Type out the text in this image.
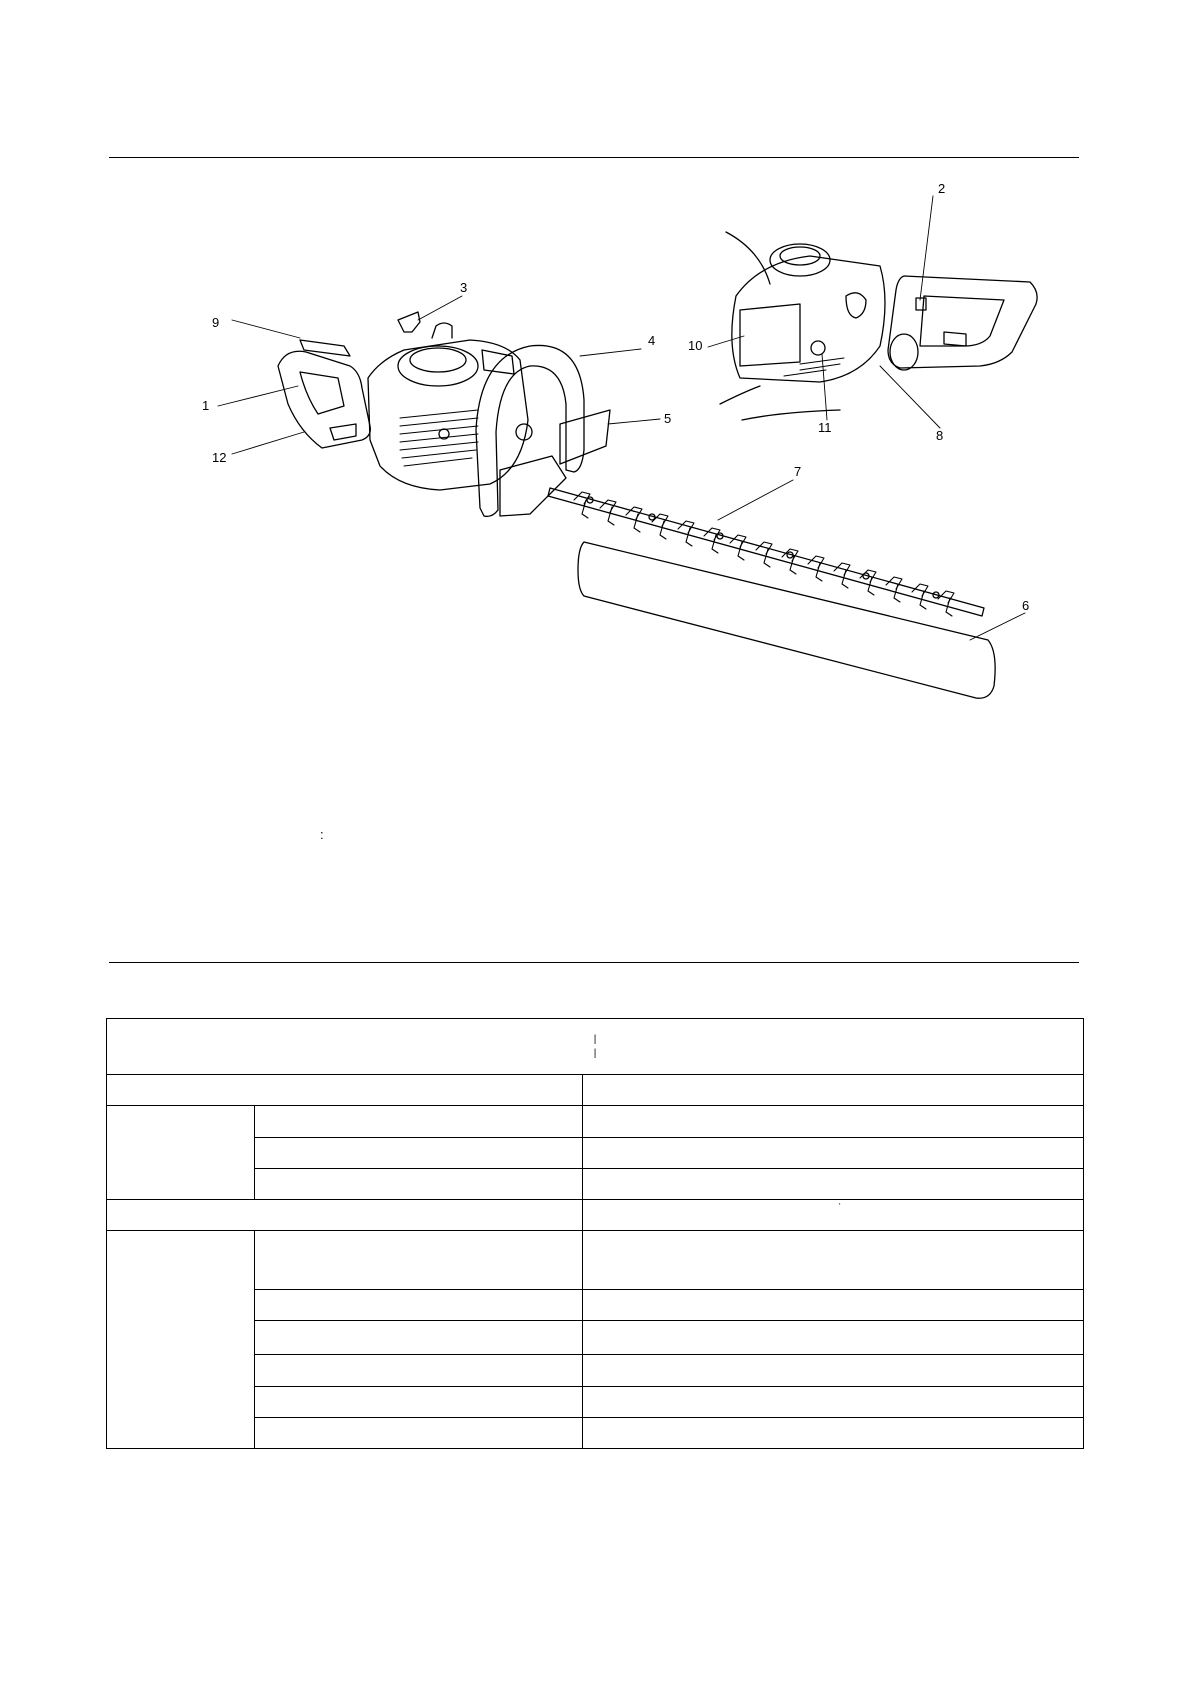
1
2
3
4
5
6
7
8
9
10
11
12
:
|
|		

		'
